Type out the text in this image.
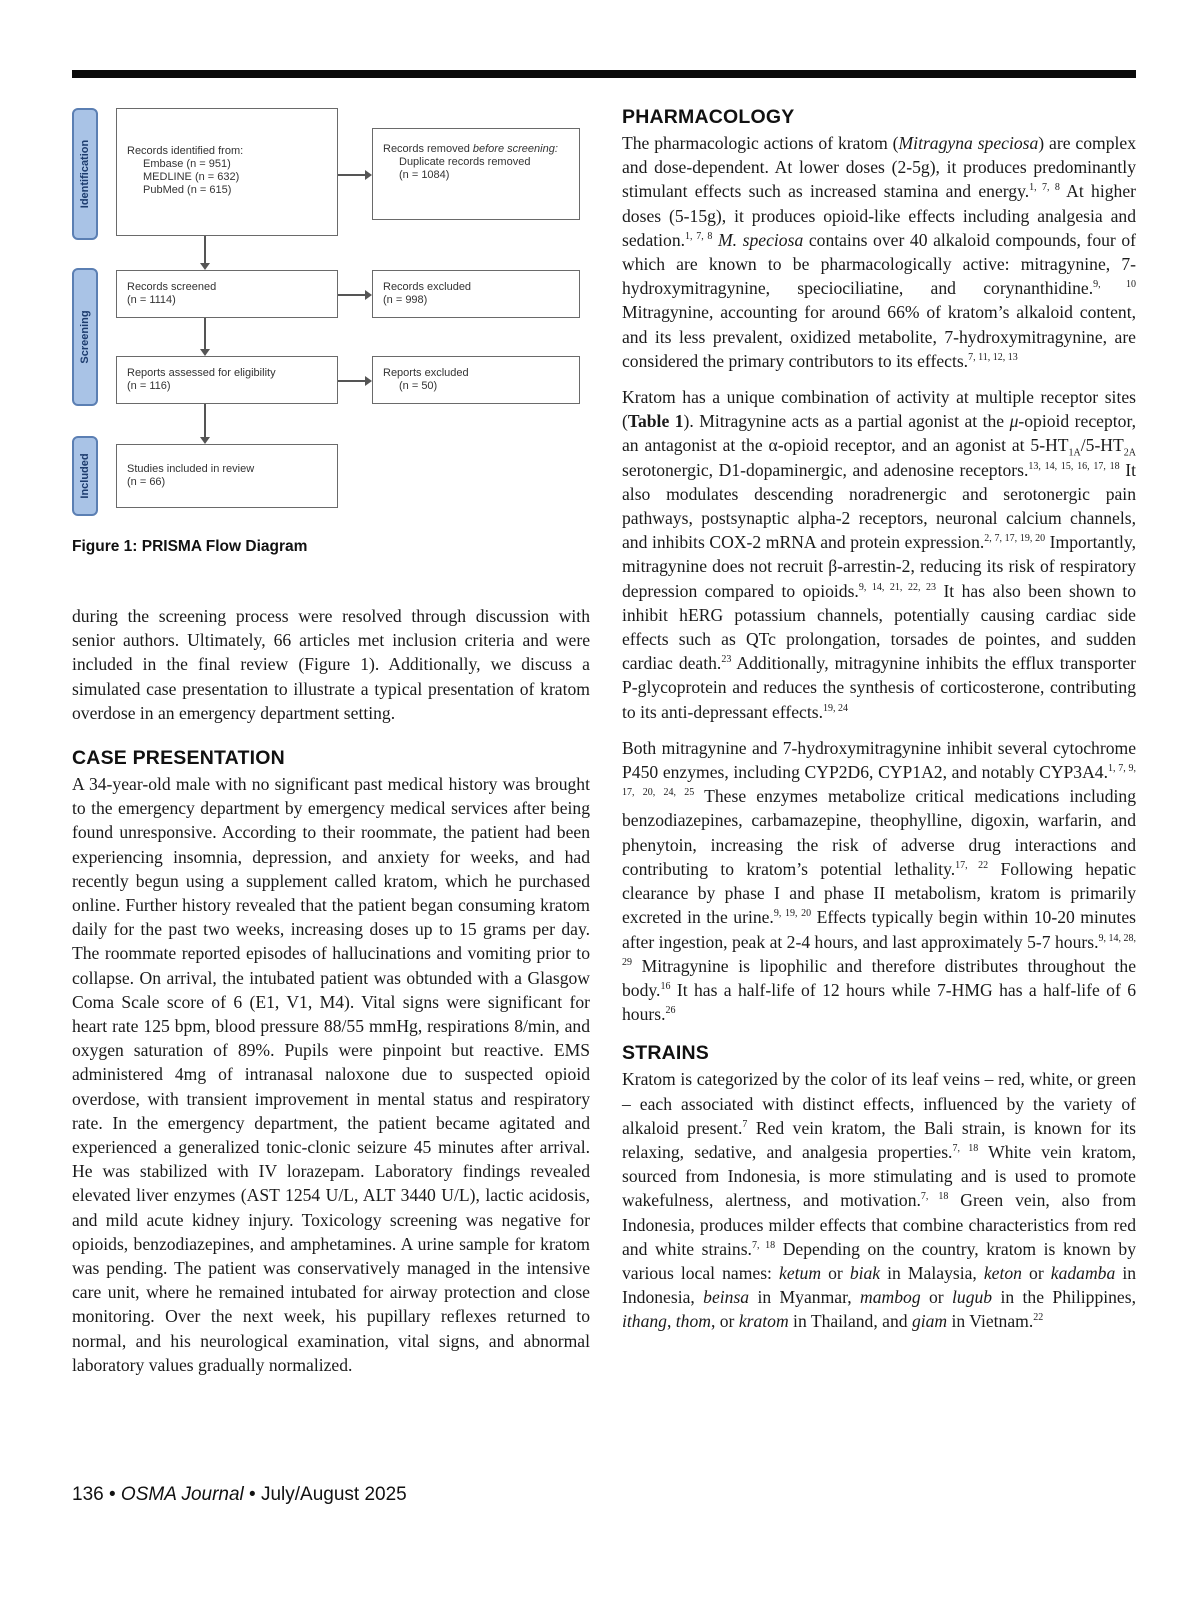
Identification
Screening
Included
Records identified from:
Embase (n = 951)
MEDLINE (n = 632)
PubMed (n = 615)
Records removed before screening:
Duplicate records removed
(n = 1084)
Records screened
(n = 1114)
Records excluded
(n = 998)
Reports assessed for eligibility
(n = 116)
Reports excluded
(n = 50)
Studies included in review
(n = 66)
Figure 1: PRISMA Flow Diagram

during the screening process were resolved through discussion with senior authors. Ultimately, 66 articles met inclusion criteria and were included in the final review (Figure 1). Additionally, we discuss a simulated case presentation to illustrate a typical presentation of kratom overdose in an emergency department setting.

CASE PRESENTATION

A 34-year-old male with no significant past medical history was brought to the emergency department by emergency medical services after being found unresponsive. According to their roommate, the patient had been experiencing insomnia, depression, and anxiety for weeks, and had recently begun using a supplement called kratom, which he purchased online. Further history revealed that the patient began consuming kratom daily for the past two weeks, increasing doses up to 15 grams per day. The roommate reported episodes of hallucinations and vomiting prior to collapse. On arrival, the intubated patient was obtunded with a Glasgow Coma Scale score of 6 (E1, V1, M4). Vital signs were significant for heart rate 125 bpm, blood pressure 88/55 mmHg, respirations 8/min, and oxygen saturation of 89%. Pupils were pinpoint but reactive. EMS administered 4mg of intranasal naloxone due to suspected opioid overdose, with transient improvement in mental status and respiratory rate. In the emergency department, the patient became agitated and experienced a generalized tonic-clonic seizure 45 minutes after arrival. He was stabilized with IV lorazepam. Laboratory findings revealed elevated liver enzymes (AST 1254 U/L, ALT 3440 U/L), lactic acidosis, and mild acute kidney injury. Toxicology screening was negative for opioids, benzodiazepines, and amphetamines. A urine sample for kratom was pending. The patient was conservatively managed in the intensive care unit, where he remained intubated for airway protection and close monitoring. Over the next week, his pupillary reflexes returned to normal, and his neurological examination, vital signs, and abnormal laboratory values gradually normalized.

PHARMACOLOGY

The pharmacologic actions of kratom (Mitragyna speciosa) are complex and dose-dependent. At lower doses (2-5g), it produces predominantly stimulant effects such as increased stamina and energy.$^{1, 7, 8}$ At higher doses (5-15g), it produces opioid-like effects including analgesia and sedation.$^{1, 7, 8}$ M. speciosa contains over 40 alkaloid compounds, four of which are known to be pharmacologically active: mitragynine, 7-hydroxymitragynine, speciociliatine, and corynanthidine.$^{9, 10}$ Mitragynine, accounting for around 66% of kratom’s alkaloid content, and its less prevalent, oxidized metabolite, 7-hydroxymitragynine, are considered the primary contributors to its effects.$^{7, 11, 12, 13}$

Kratom has a unique combination of activity at multiple receptor sites (Table 1). Mitragynine acts as a partial agonist at the μ-opioid receptor, an antagonist at the α-opioid receptor, and an agonist at $5-HT_{1A}/5-HT_{2A}$ serotonergic, D1-dopaminergic, and adenosine receptors.$^{13, 14, 15, 16, 17, 18}$ It also modulates descending noradrenergic and serotonergic pain pathways, postsynaptic alpha-2 receptors, neuronal calcium channels, and inhibits COX-2 mRNA and protein expression.$^{2, 7, 17, 19, 20}$ Importantly, mitragynine does not recruit β-arrestin-2, reducing its risk of respiratory depression compared to opioids.$^{9, 14, 21, 22, 23}$ It has also been shown to inhibit hERG potassium channels, potentially causing cardiac side effects such as QTc prolongation, torsades de pointes, and sudden cardiac death.$^{23}$ Additionally, mitragynine inhibits the efflux transporter P-glycoprotein and reduces the synthesis of corticosterone, contributing to its anti-depressant effects.$^{19, 24}$

Both mitragynine and 7-hydroxymitragynine inhibit several cytochrome P450 enzymes, including CYP2D6, CYP1A2, and notably CYP3A4.$^{1, 7, 9, 17, 20, 24, 25}$ These enzymes metabolize critical medications including benzodiazepines, carbamazepine, theophylline, digoxin, warfarin, and phenytoin, increasing the risk of adverse drug interactions and contributing to kratom’s potential lethality.$^{17, 22}$ Following hepatic clearance by phase I and phase II metabolism, kratom is primarily excreted in the urine.$^{9, 19, 20}$ Effects typically begin within 10-20 minutes after ingestion, peak at 2-4 hours, and last approximately 5-7 hours.$^{9, 14, 28, 29}$ Mitragynine is lipophilic and therefore distributes throughout the body.$^{16}$ It has a half-life of 12 hours while 7-HMG has a half-life of 6 hours.$^{26}$

STRAINS

Kratom is categorized by the color of its leaf veins – red, white, or green – each associated with distinct effects, influenced by the variety of alkaloid present.$^7$ Red vein kratom, the Bali strain, is known for its relaxing, sedative, and analgesia properties.$^{7, 18}$ White vein kratom, sourced from Indonesia, is more stimulating and is used to promote wakefulness, alertness, and motivation.$^{7, 18}$ Green vein, also from Indonesia, produces milder effects that combine characteristics from red and white strains.$^{7, 18}$ Depending on the country, kratom is known by various local names: ketum or biak in Malaysia, keton or kadamba in Indonesia, beinsa in Myanmar, mambog or lugub in the Philippines, ithang, thom, or kratom in Thailand, and giam in Vietnam.$^{22}$

136 • OSMA Journal • July/August 2025
